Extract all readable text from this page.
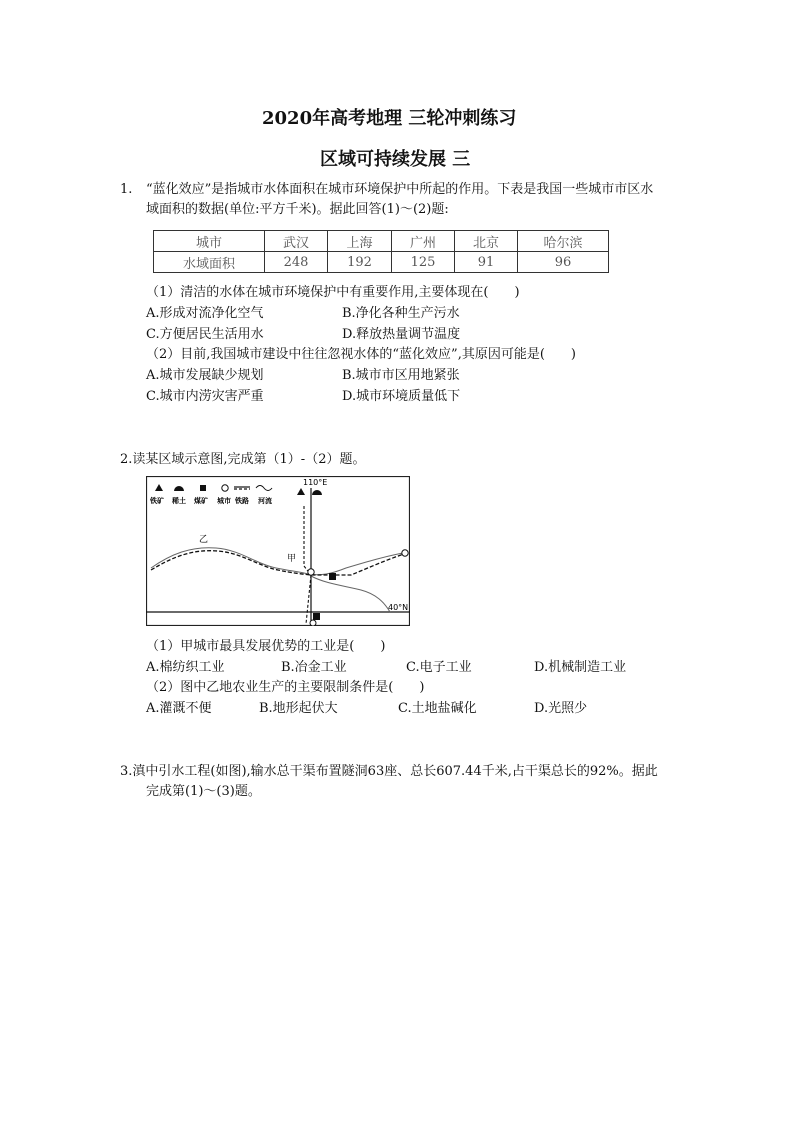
2020年高考地理 三轮冲刺练习
区域可持续发展 三
1. “蓝化效应”是指城市水体面积在城市环境保护中所起的作用。下表是我国一些城市市区水
域面积的数据(单位:平方千米)。据此回答(1)～(2)题:
城市	武汉	上海	广州	北京	哈尔滨
水域面积	248	192	125	91	96
（1）清洁的水体在城市环境保护中有重要作用,主要体现在(　　)
A.形成对流净化空气	B.净化各种生产污水
C.方便居民生活用水	D.释放热量调节温度
（2）目前,我国城市建设中往往忽视水体的“蓝化效应”,其原因可能是(　　)
A.城市发展缺少规划	B.城市市区用地紧张
C.城市内涝灾害严重	D.城市环境质量低下
2.读某区域示意图,完成第（1）-（2）题。
铁矿 稀土 煤矿 城市 铁路 河流
110°E
40°N
乙
甲
（1）甲城市最具发展优势的工业是(　　)
A.棉纺织工业	B.冶金工业	C.电子工业	D.机械制造工业
（2）图中乙地农业生产的主要限制条件是(　　)
A.灌溉不便	B.地形起伏大	C.土地盐碱化	D.光照少
3.滇中引水工程(如图),输水总干渠布置隧洞63座、总长607.44千米,占干渠总长的92%。据此
完成第(1)～(3)题。
